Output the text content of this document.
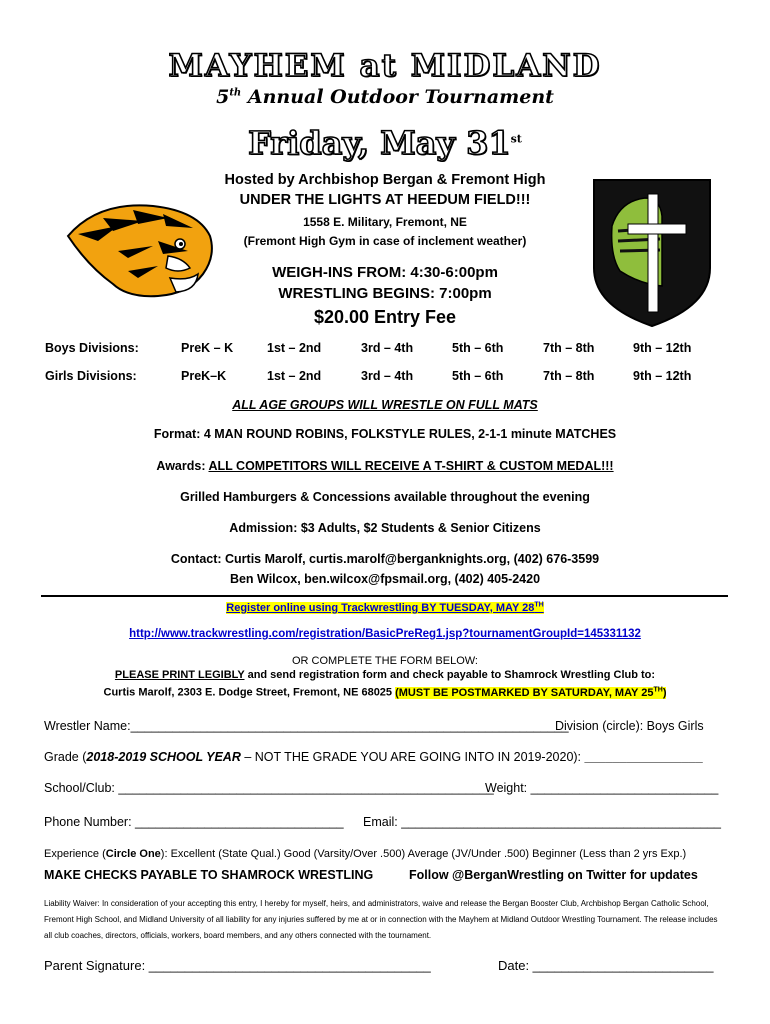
MAYHEM at MIDLAND
5th Annual Outdoor Tournament
Friday, May 31st
Hosted by Archbishop Bergan & Fremont High
UNDER THE LIGHTS AT HEEDUM FIELD!!!
1558 E. Military, Fremont, NE
(Fremont High Gym in case of inclement weather)
WEIGH-INS FROM: 4:30-6:00pm
WRESTLING BEGINS: 7:00pm
$20.00 Entry Fee
Boys Divisions:	PreK – K	1st – 2nd	3rd – 4th	5th – 6th	7th – 8th	9th – 12th
Girls Divisions:	PreK–K	1st – 2nd	3rd – 4th	5th – 6th	7th – 8th	9th – 12th
ALL AGE GROUPS WILL WRESTLE ON FULL MATS
Format: 4 MAN ROUND ROBINS, FOLKSTYLE RULES, 2-1-1 minute MATCHES
Awards: ALL COMPETITORS WILL RECEIVE A T-SHIRT & CUSTOM MEDAL!!!
Grilled Hamburgers & Concessions available throughout the evening
Admission: $3 Adults, $2 Students & Senior Citizens
Contact: Curtis Marolf, curtis.marolf@berganknights.org, (402) 676-3599
Ben Wilcox, ben.wilcox@fpsmail.org, (402) 405-2420
Register online using Trackwrestling BY TUESDAY, MAY 28TH
http://www.trackwrestling.com/registration/BasicPreReg1.jsp?tournamentGroupId=145331132
OR COMPLETE THE FORM BELOW:
PLEASE PRINT LEGIBLY and send registration form and check payable to Shamrock Wrestling Club to:
Curtis Marolf, 2303 E. Dodge Street, Fremont, NE 68025 (MUST BE POSTMARKED BY SATURDAY, MAY 25TH)
Wrestler Name:_______________________________________________________________
Division (circle): Boys Girls
Grade (2018-2019 SCHOOL YEAR – NOT THE GRADE YOU ARE GOING INTO IN 2019-2020): _________________
School/Club: ______________________________________________________
Weight: ___________________________
Phone Number: ______________________________ Email: ______________________________________________
Experience (Circle One): Excellent (State Qual.) Good (Varsity/Over .500) Average (JV/Under .500) Beginner (Less than 2 yrs Exp.)
MAKE CHECKS PAYABLE TO SHAMROCK WRESTLING	Follow @BerganWrestling on Twitter for updates
Liability Waiver: In consideration of your accepting this entry, I hereby for myself, heirs, and administrators, waive and release the Bergan Booster Club, Archbishop Bergan Catholic School, Fremont High School, and Midland University of all liability for any injuries suffered by me at or in connection with the Mayhem at Midland Outdoor Wrestling Tournament. The release includes all club coaches, directors, officials, workers, board members, and any others connected with the tournament.
Parent Signature: _______________________________________	Date: _________________________
